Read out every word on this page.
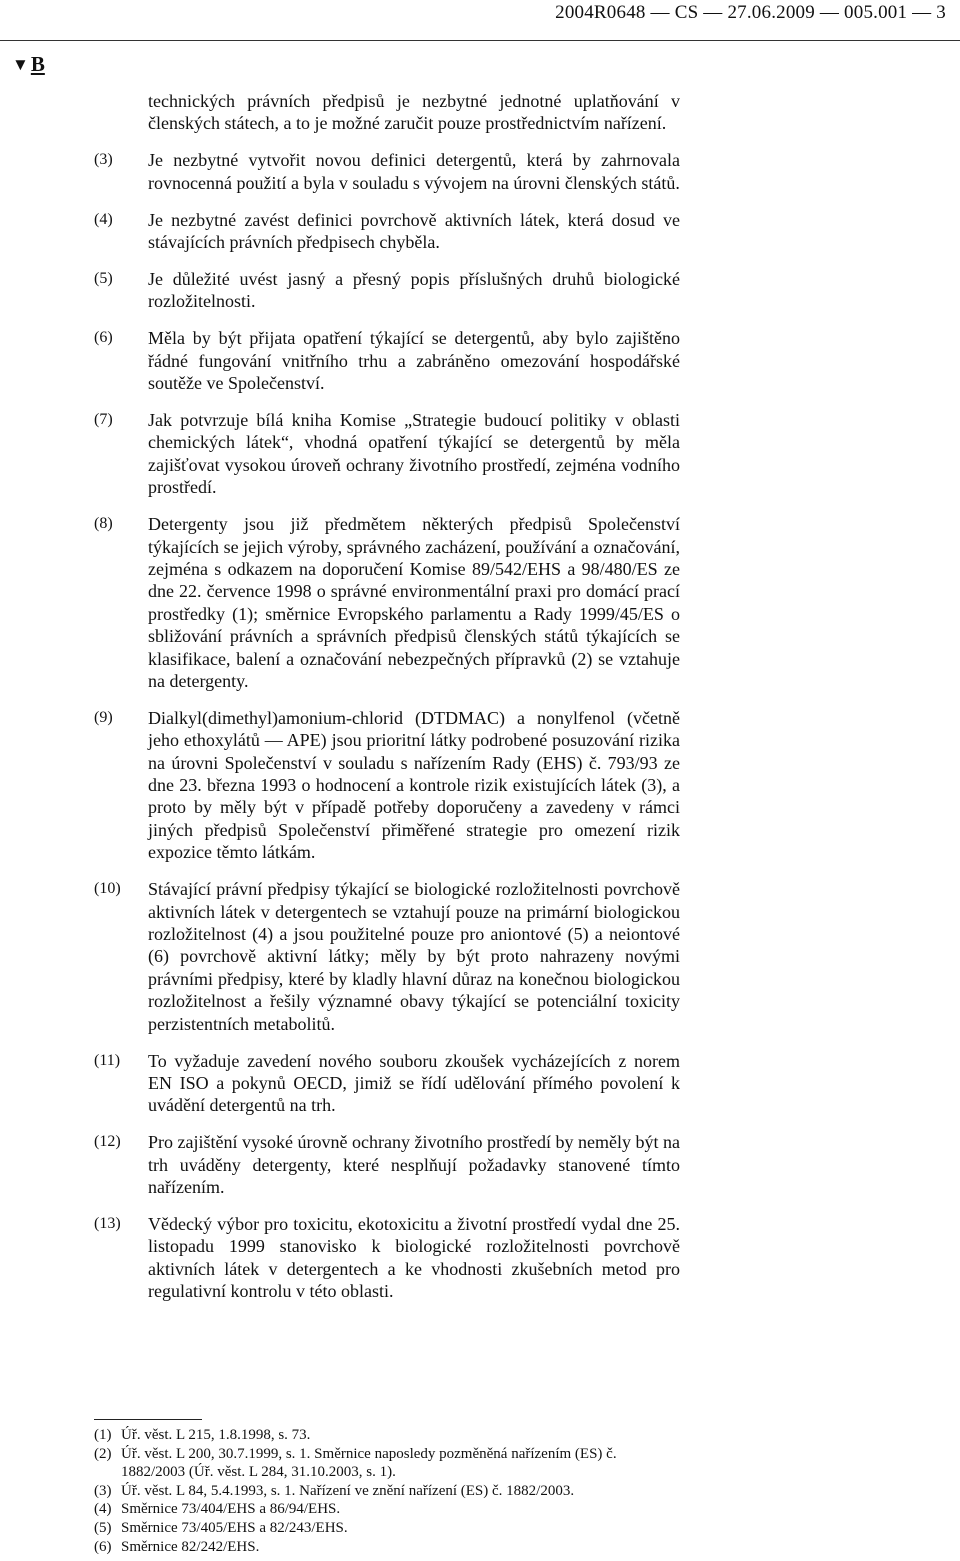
2004R0648 — CS — 27.06.2009 — 005.001 — 3
▼ B
technických právních předpisů je nezbytné jednotné uplatňování v členských státech, a to je možné zaručit pouze prostřednictvím nařízení.
(3)	Je nezbytné vytvořit novou definici detergentů, která by zahrnovala rovnocenná použití a byla v souladu s vývojem na úrovni členských států.
(4)	Je nezbytné zavést definici povrchově aktivních látek, která dosud ve stávajících právních předpisech chyběla.
(5)	Je důležité uvést jasný a přesný popis příslušných druhů biologické rozložitelnosti.
(6)	Měla by být přijata opatření týkající se detergentů, aby bylo zajištěno řádné fungování vnitřního trhu a zabráněno omezování hospodářské soutěže ve Společenství.
(7)	Jak potvrzuje bílá kniha Komise „Strategie budoucí politiky v oblasti chemických látek“, vhodná opatření týkající se detergentů by měla zajišťovat vysokou úroveň ochrany životního prostředí, zejména vodního prostředí.
(8)	Detergenty jsou již předmětem některých předpisů Společenství týkajících se jejich výroby, správného zacházení, používání a označování, zejména s odkazem na doporučení Komise 89/542/EHS a 98/480/ES ze dne 22. července 1998 o správné environmentální praxi pro domácí prací prostředky (1); směrnice Evropského parlamentu a Rady 1999/45/ES o sbližování právních a správních předpisů členských států týkajících se klasifikace, balení a označování nebezpečných přípravků (2) se vztahuje na detergenty.
(9)	Dialkyl(dimethyl)amonium-chlorid (DTDMAC) a nonylfenol (včetně jeho ethoxylátů — APE) jsou prioritní látky podrobené posuzování rizika na úrovni Společenství v souladu s nařízením Rady (EHS) č. 793/93 ze dne 23. března 1993 o hodnocení a kontrole rizik existujících látek (3), a proto by měly být v případě potřeby doporučeny a zavedeny v rámci jiných předpisů Společenství přiměřené strategie pro omezení rizik expozice těmto látkám.
(10)	Stávající právní předpisy týkající se biologické rozložitelnosti povrchově aktivních látek v detergentech se vztahují pouze na primární biologickou rozložitelnost (4) a jsou použitelné pouze pro aniontové (5) a neiontové (6) povrchově aktivní látky; měly by být proto nahrazeny novými právními předpisy, které by kladly hlavní důraz na konečnou biologickou rozložitelnost a řešily významné obavy týkající se potenciální toxicity perzistentních metabolitů.
(11)	To vyžaduje zavedení nového souboru zkoušek vycházejících z norem EN ISO a pokynů OECD, jimiž se řídí udělování přímého povolení k uvádění detergentů na trh.
(12)	Pro zajištění vysoké úrovně ochrany životního prostředí by neměly být na trh uváděny detergenty, které nesplňují požadavky stanovené tímto nařízením.
(13)	Vědecký výbor pro toxicitu, ekotoxicitu a životní prostředí vydal dne 25. listopadu 1999 stanovisko k biologické rozložitelnosti povrchově aktivních látek v detergentech a ke vhodnosti zkušebních metod pro regulativní kontrolu v této oblasti.
(1) Úř. věst. L 215, 1.8.1998, s. 73.
(2) Úř. věst. L 200, 30.7.1999, s. 1. Směrnice naposledy pozměněná nařízením (ES) č. 1882/2003 (Úř. věst. L 284, 31.10.2003, s. 1).
(3) Úř. věst. L 84, 5.4.1993, s. 1. Nařízení ve znění nařízení (ES) č. 1882/2003.
(4) Směrnice 73/404/EHS a 86/94/EHS.
(5) Směrnice 73/405/EHS a 82/243/EHS.
(6) Směrnice 82/242/EHS.
